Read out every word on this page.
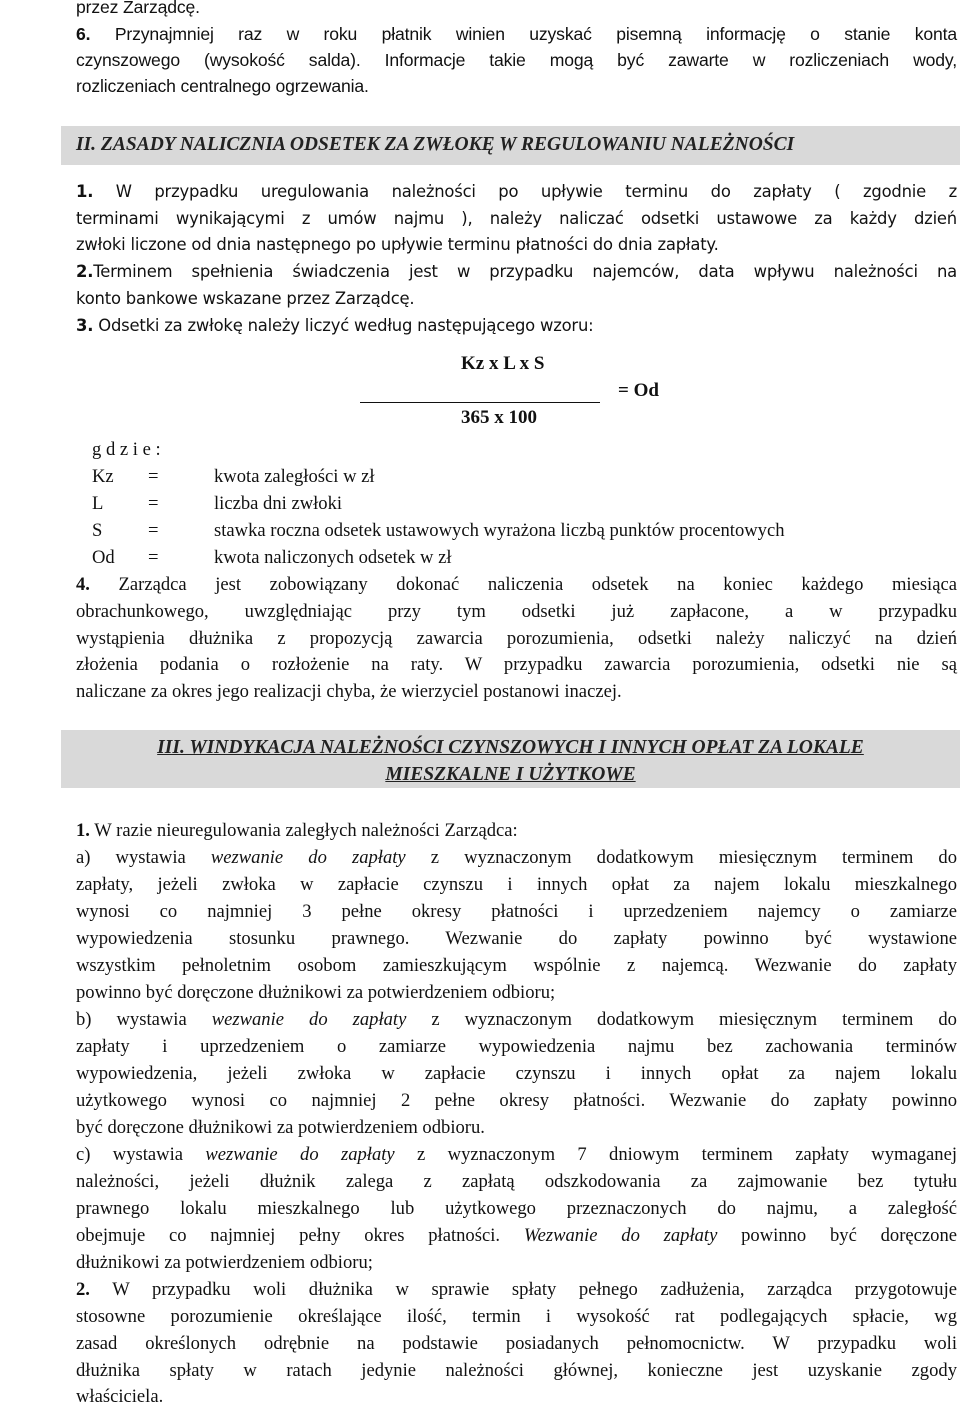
przez Zarządcę.
6. Przynajmniej raz w roku płatnik winien uzyskać pisemną informację o stanie konta
czynszowego (wysokość salda). Informacje takie mogą być zawarte w rozliczeniach wody,
rozliczeniach centralnego ogrzewania.
II. ZASADY NALICZNIA ODSETEK ZA ZWŁOKĘ W REGULOWANIU NALEŻNOŚCI
1. W przypadku uregulowania należności po upływie terminu do zapłaty ( zgodnie z
terminami wynikającymi z umów najmu ), należy naliczać odsetki ustawowe za każdy dzień
zwłoki liczone od dnia następnego po upływie terminu płatności do dnia zapłaty.
2.Terminem spełnienia świadczenia jest w przypadku najemców, data wpływu należności na
konto bankowe wskazane przez Zarządcę.
3. Odsetki za zwłokę należy liczyć według następującego wzoru:
Kz x L x S
= Od
365 x 100
g d z i e :
Kz =	kwota zaległości w zł
L =	liczba dni zwłoki
S =	stawka roczna odsetek ustawowych wyrażona liczbą punktów procentowych
Od =	kwota naliczonych odsetek w zł
4. Zarządca jest zobowiązany dokonać naliczenia odsetek na koniec każdego miesiąca
obrachunkowego, uwzględniając przy tym odsetki już zapłacone, a w przypadku
wystąpienia dłużnika z propozycją zawarcia porozumienia, odsetki należy naliczyć na dzień
złożenia podania o rozłożenie na raty. W przypadku zawarcia porozumienia, odsetki nie są
naliczane za okres jego realizacji chyba, że wierzyciel postanowi inaczej.
III. WINDYKACJA NALEŻNOŚCI CZYNSZOWYCH I INNYCH OPŁAT ZA LOKALE
MIESZKALNE I UŻYTKOWE
1. W razie nieuregulowania zaległych należności Zarządca:
a) wystawia wezwanie do zapłaty z wyznaczonym dodatkowym miesięcznym terminem do
zapłaty, jeżeli zwłoka w zapłacie czynszu i innych opłat za najem lokalu mieszkalnego
wynosi co najmniej 3 pełne okresy płatności i uprzedzeniem najemcy o zamiarze
wypowiedzenia stosunku prawnego. Wezwanie do zapłaty powinno być wystawione
wszystkim pełnoletnim osobom zamieszkującym wspólnie z najemcą. Wezwanie do zapłaty
powinno być doręczone dłużnikowi za potwierdzeniem odbioru;
b) wystawia wezwanie do zapłaty z wyznaczonym dodatkowym miesięcznym terminem do
zapłaty i uprzedzeniem o zamiarze wypowiedzenia najmu bez zachowania terminów
wypowiedzenia, jeżeli zwłoka w zapłacie czynszu i innych opłat za najem lokalu
użytkowego wynosi co najmniej 2 pełne okresy płatności. Wezwanie do zapłaty powinno
być doręczone dłużnikowi za potwierdzeniem odbioru.
c) wystawia wezwanie do zapłaty z wyznaczonym 7 dniowym terminem zapłaty wymaganej
należności, jeżeli dłużnik zalega z zapłatą odszkodowania za zajmowanie bez tytułu
prawnego lokalu mieszkalnego lub użytkowego przeznaczonych do najmu, a zaległość
obejmuje co najmniej pełny okres płatności. Wezwanie do zapłaty powinno być doręczone
dłużnikowi za potwierdzeniem odbioru;
2. W przypadku woli dłużnika w sprawie spłaty pełnego zadłużenia, zarządca przygotowuje
stosowne porozumienie określające ilość, termin i wysokość rat podlegających spłacie, wg
zasad określonych odrębnie na podstawie posiadanych pełnomocnictw. W przypadku woli
dłużnika spłaty w ratach jedynie należności głównej, konieczne jest uzyskanie zgody
właściciela.
